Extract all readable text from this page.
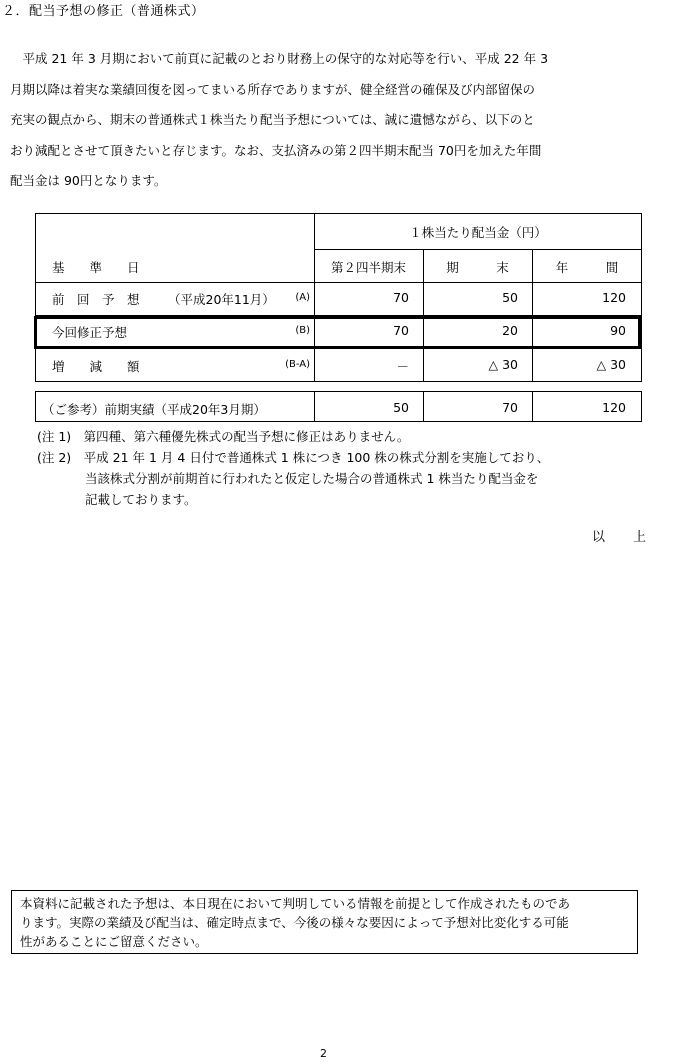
２．配当予想の修正（普通株式）
平成 21 年 3 月期において前頁に記載のとおり財務上の保守的な対応等を行い、平成 22 年 3
月期以降は着実な業績回復を図ってまいる所存でありますが、健全経営の確保及び内部留保の
充実の観点から、期末の普通株式１株当たり配当予想については、誠に遺憾ながら、以下のと
おり減配とさせて頂きたいと存じます。なお、支払済みの第２四半期末配当 70円を加えた年間
配当金は 90円となります。
１株当たり配当金（円）
基　　準　　日	第２四半期末	期　　　末	年　　　間
前　回　予　想 （平成20年11月）	(A)	70	50	120
今回修正予想	(B)	70	20	90
増　　減　　額	(B-A)	－	△ 30	△ 30
（ご参考）前期実績（平成20年3月期）	50	70	120
(注 1)　第四種、第六種優先株式の配当予想に修正はありません。
(注 2)　平成 21 年 1 月 4 日付で普通株式 1 株につき 100 株の株式分割を実施しており、
当該株式分割が前期首に行われたと仮定した場合の普通株式 1 株当たり配当金を
記載しております。
以上
本資料に記載された予想は、本日現在において判明している情報を前提として作成されたものであ
ります。実際の業績及び配当は、確定時点まで、今後の様々な要因によって予想対比変化する可能
性があることにご留意ください。
2
